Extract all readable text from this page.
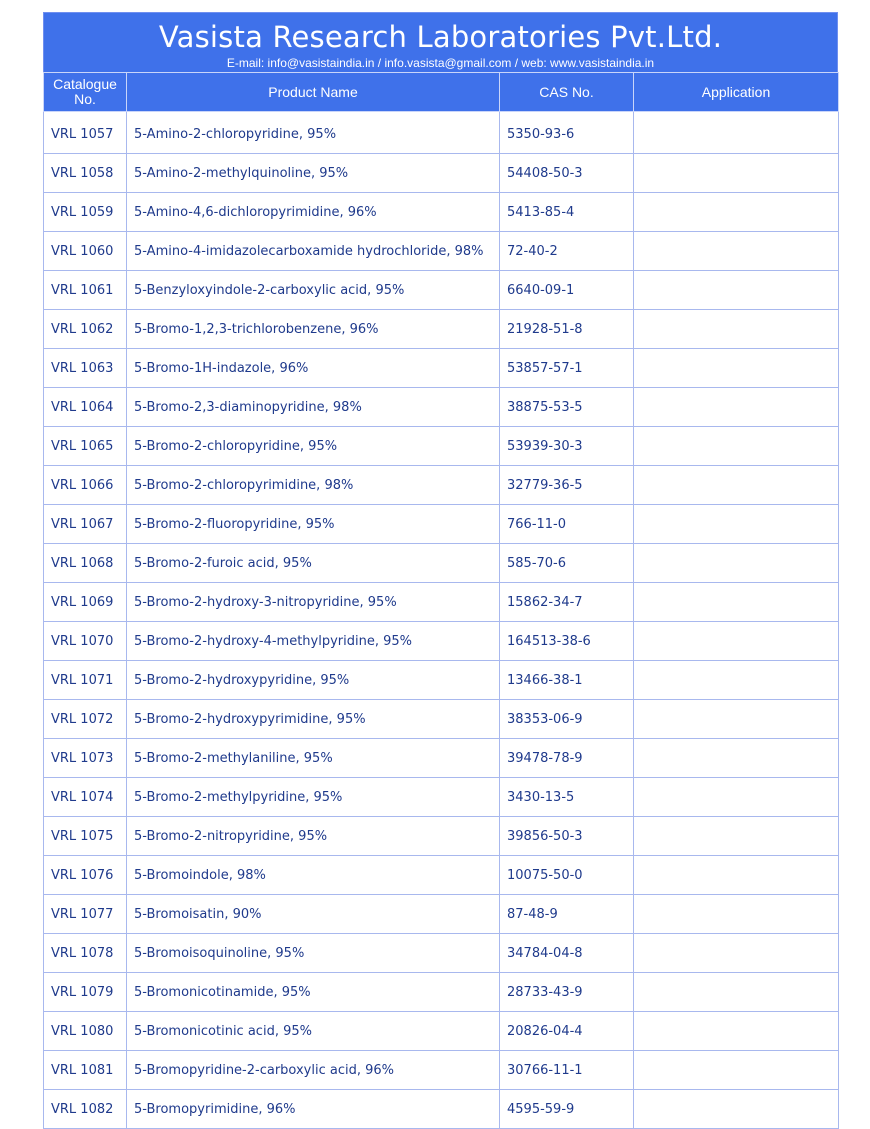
Vasista Research Laboratories Pvt.Ltd.
E-mail: info@vasistaindia.in / info.vasista@gmail.com / web: www.vasistaindia.in
Catalogue
No.	Product Name	CAS No.	Application
VRL 1057	5-Amino-2-chloropyridine, 95%	5350-93-6	
VRL 1058	5-Amino-2-methylquinoline, 95%	54408-50-3	
VRL 1059	5-Amino-4,6-dichloropyrimidine, 96%	5413-85-4	
VRL 1060	5-Amino-4-imidazolecarboxamide hydrochloride, 98%	72-40-2	
VRL 1061	5-Benzyloxyindole-2-carboxylic acid, 95%	6640-09-1	
VRL 1062	5-Bromo-1,2,3-trichlorobenzene, 96%	21928-51-8	
VRL 1063	5-Bromo-1H-indazole, 96%	53857-57-1	
VRL 1064	5-Bromo-2,3-diaminopyridine, 98%	38875-53-5	
VRL 1065	5-Bromo-2-chloropyridine, 95%	53939-30-3	
VRL 1066	5-Bromo-2-chloropyrimidine, 98%	32779-36-5	
VRL 1067	5-Bromo-2-fluoropyridine, 95%	766-11-0	
VRL 1068	5-Bromo-2-furoic acid, 95%	585-70-6	
VRL 1069	5-Bromo-2-hydroxy-3-nitropyridine, 95%	15862-34-7	
VRL 1070	5-Bromo-2-hydroxy-4-methylpyridine, 95%	164513-38-6	
VRL 1071	5-Bromo-2-hydroxypyridine, 95%	13466-38-1	
VRL 1072	5-Bromo-2-hydroxypyrimidine, 95%	38353-06-9	
VRL 1073	5-Bromo-2-methylaniline, 95%	39478-78-9	
VRL 1074	5-Bromo-2-methylpyridine, 95%	3430-13-5	
VRL 1075	5-Bromo-2-nitropyridine, 95%	39856-50-3	
VRL 1076	5-Bromoindole, 98%	10075-50-0	
VRL 1077	5-Bromoisatin, 90%	87-48-9	
VRL 1078	5-Bromoisoquinoline, 95%	34784-04-8	
VRL 1079	5-Bromonicotinamide, 95%	28733-43-9	
VRL 1080	5-Bromonicotinic acid, 95%	20826-04-4	
VRL 1081	5-Bromopyridine-2-carboxylic acid, 96%	30766-11-1	
VRL 1082	5-Bromopyrimidine, 96%	4595-59-9	
